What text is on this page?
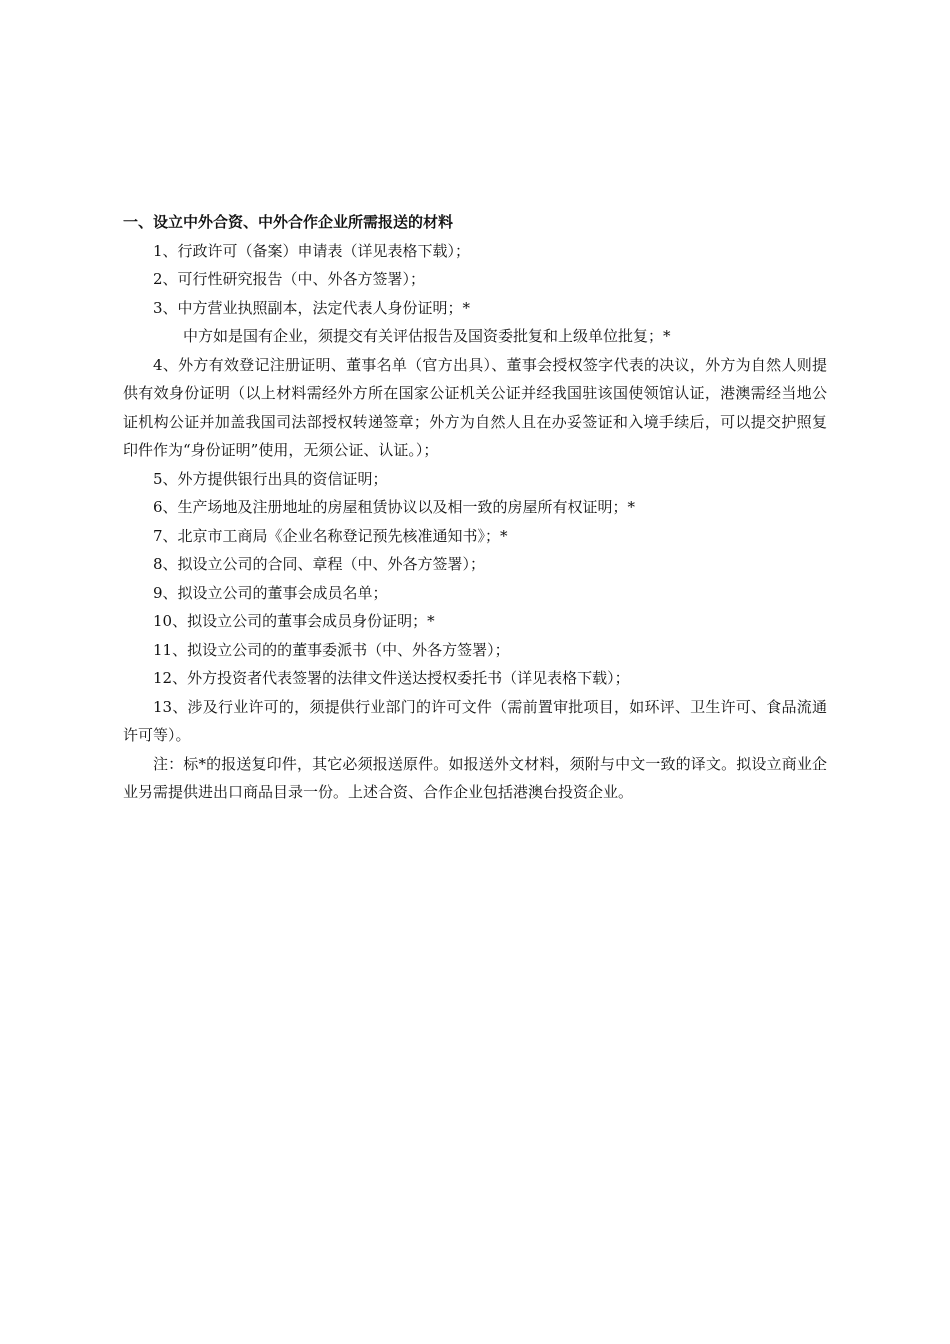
一、设立中外合资、中外合作企业所需报送的材料

1、行政许可（备案）申请表（详见表格下载）；

2、可行性研究报告（中、外各方签署）；

3、中方营业执照副本，法定代表人身份证明；*

中方如是国有企业，须提交有关评估报告及国资委批复和上级单位批复；*

4、外方有效登记注册证明、董事名单（官方出具）、董事会授权签字代表的决议，外方为自然人则提供有效身份证明（以上材料需经外方所在国家公证机关公证并经我国驻该国使领馆认证，港澳需经当地公证机构公证并加盖我国司法部授权转递签章；外方为自然人且在办妥签证和入境手续后，可以提交护照复印件作为“身份证明”使用，无须公证、认证。）；

5、外方提供银行出具的资信证明；

6、生产场地及注册地址的房屋租赁协议以及相一致的房屋所有权证明；*

7、北京市工商局《企业名称登记预先核准通知书》；*

8、拟设立公司的合同、章程（中、外各方签署）；

9、拟设立公司的董事会成员名单；

10、拟设立公司的董事会成员身份证明；*

11、拟设立公司的的董事委派书（中、外各方签署）；

12、外方投资者代表签署的法律文件送达授权委托书（详见表格下载）；

13、涉及行业许可的，须提供行业部门的许可文件（需前置审批项目，如环评、卫生许可、食品流通许可等）。

注：标*的报送复印件，其它必须报送原件。如报送外文材料，须附与中文一致的译文。拟设立商业企业另需提供进出口商品目录一份。上述合资、合作企业包括港澳台投资企业。
